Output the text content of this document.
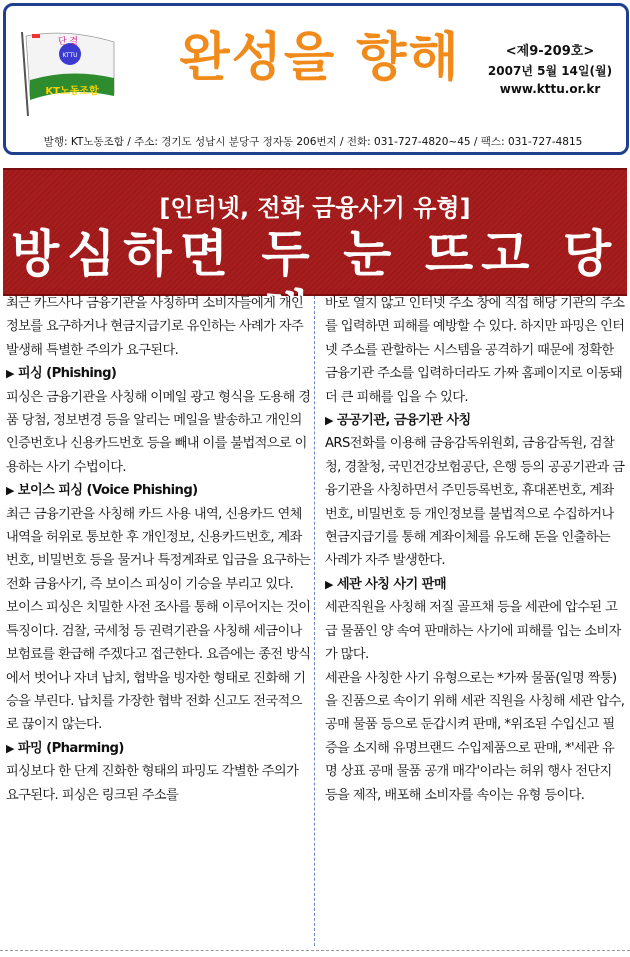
KTTU
단 결
KT노동조합
완성을 향해	<제9-209호>
2007년 5월 14일(월)
www.kttu.or.kr
발행: KT노동조합 / 주소: 경기도 성남시 분당구 정자동 206번지 / 전화: 031-727-4820~45 / 팩스: 031-727-4815
[인터넷, 전화 금융사기 유형]
방심하면 두 눈 뜨고 당해..

최근 카드사나 금융기관을 사칭하며 소비자들에게 개인 정보를 요구하거나 현금지급기로 유인하는 사례가 자주 발생해 특별한 주의가 요구된다.

▶ 피싱 (Phishing)

피싱은 금융기관을 사칭해 이메일 광고 형식을 도용해 경품 당첨, 정보변경 등을 알리는 메일을 발송하고 개인의 인증번호나 신용카드번호 등을 빼내 이를 불법적으로 이용하는 사기 수법이다.

▶ 보이스 피싱 (Voice Phishing)

최근 금융기관을 사칭해 카드 사용 내역, 신용카드 연체 내역을 허위로 통보한 후 개인정보, 신용카드번호, 계좌번호, 비밀번호 등을 물거나 특정계좌로 입금을 요구하는 전화 금융사기, 즉 보이스 피싱이 기승을 부리고 있다.

보이스 피싱은 치밀한 사전 조사를 통해 이루어지는 것이 특징이다. 검찰, 국세청 등 권력기관을 사칭해 세금이나 보험료를 환급해 주겠다고 접근한다. 요즘에는 종전 방식에서 벗어나 자녀 납치, 협박을 빙자한 형태로 진화해 기승을 부린다. 납치를 가장한 협박 전화 신고도 전국적으로 끊이지 않는다.

▶ 파밍 (Pharming)

피싱보다 한 단계 진화한 형태의 파밍도 각별한 주의가 요구된다. 피싱은 링크된 주소를

바로 열지 않고 인터넷 주소 창에 직접 해당 기관의 주소를 입력하면 피해를 예방할 수 있다. 하지만 파밍은 인터넷 주소를 관할하는 시스템을 공격하기 때문에 정확한 금융기관 주소를 입력하더라도 가짜 홈페이지로 이동돼 더 큰 피해를 입을 수 있다.

▶ 공공기관, 금융기관 사칭

ARS전화를 이용해 금융감독위원회, 금융감독원, 검찰청, 경찰청, 국민건강보험공단, 은행 등의 공공기관과 금융기관을 사칭하면서 주민등록번호, 휴대폰번호, 계좌번호, 비밀번호 등 개인정보를 불법적으로 수집하거나 현금지급기를 통해 계좌이체를 유도해 돈을 인출하는 사례가 자주 발생한다.

▶ 세관 사칭 사기 판매

세관직원을 사칭해 저질 골프채 등을 세관에 압수된 고급 물품인 양 속여 판매하는 사기에 피해를 입는 소비자가 많다.

세관을 사칭한 사기 유형으로는 *가짜 물품(일명 짝퉁)을 진품으로 속이기 위해 세관 직원을 사칭해 세관 압수, 공매 물품 등으로 둔갑시켜 판매, *위조된 수입신고 필증을 소지해 유명브랜드 수입제품으로 판매, *'세관 유명 상표 공매 물품 공개 매각'이라는 허위 행사 전단지 등을 제작, 배포해 소비자를 속이는 유형 등이다.
